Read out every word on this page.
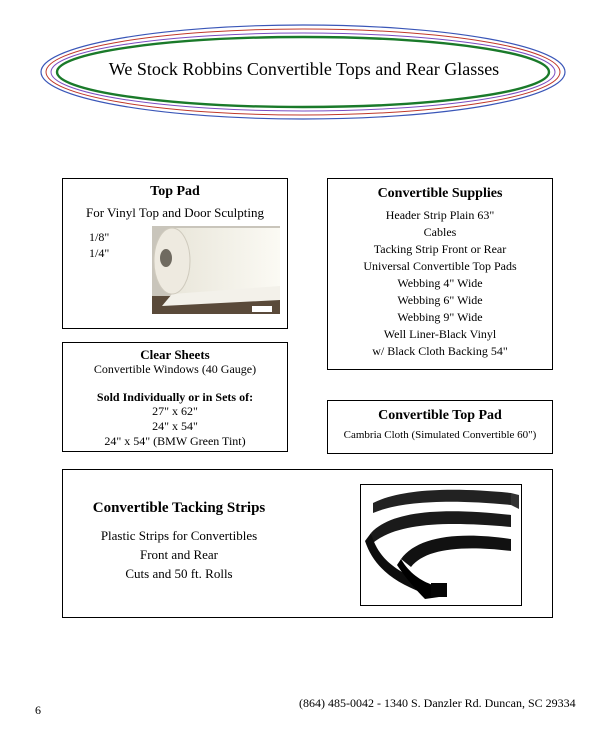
We Stock Robbins Convertible Tops and Rear Glasses
Top Pad
For Vinyl Top and Door Sculpting
1/8"
1/4"
Convertible Supplies
Header Strip Plain 63"
Cables
Tacking Strip Front or Rear
Universal Convertible Top Pads
Webbing 4" Wide
Webbing 6" Wide
Webbing 9" Wide
Well Liner-Black Vinyl
w/ Black Cloth Backing 54"
Clear Sheets
Convertible Windows (40 Gauge)
Sold Individually or in Sets of:
27" x 62"
24" x 54"
24" x 54" (BMW Green Tint)
Convertible Top Pad
Cambria Cloth (Simulated Convertible 60")
Convertible Tacking Strips
Plastic Strips for Convertibles
Front and Rear
Cuts and 50 ft. Rolls
6	(864) 485-0042 - 1340 S. Danzler Rd. Duncan, SC 29334
